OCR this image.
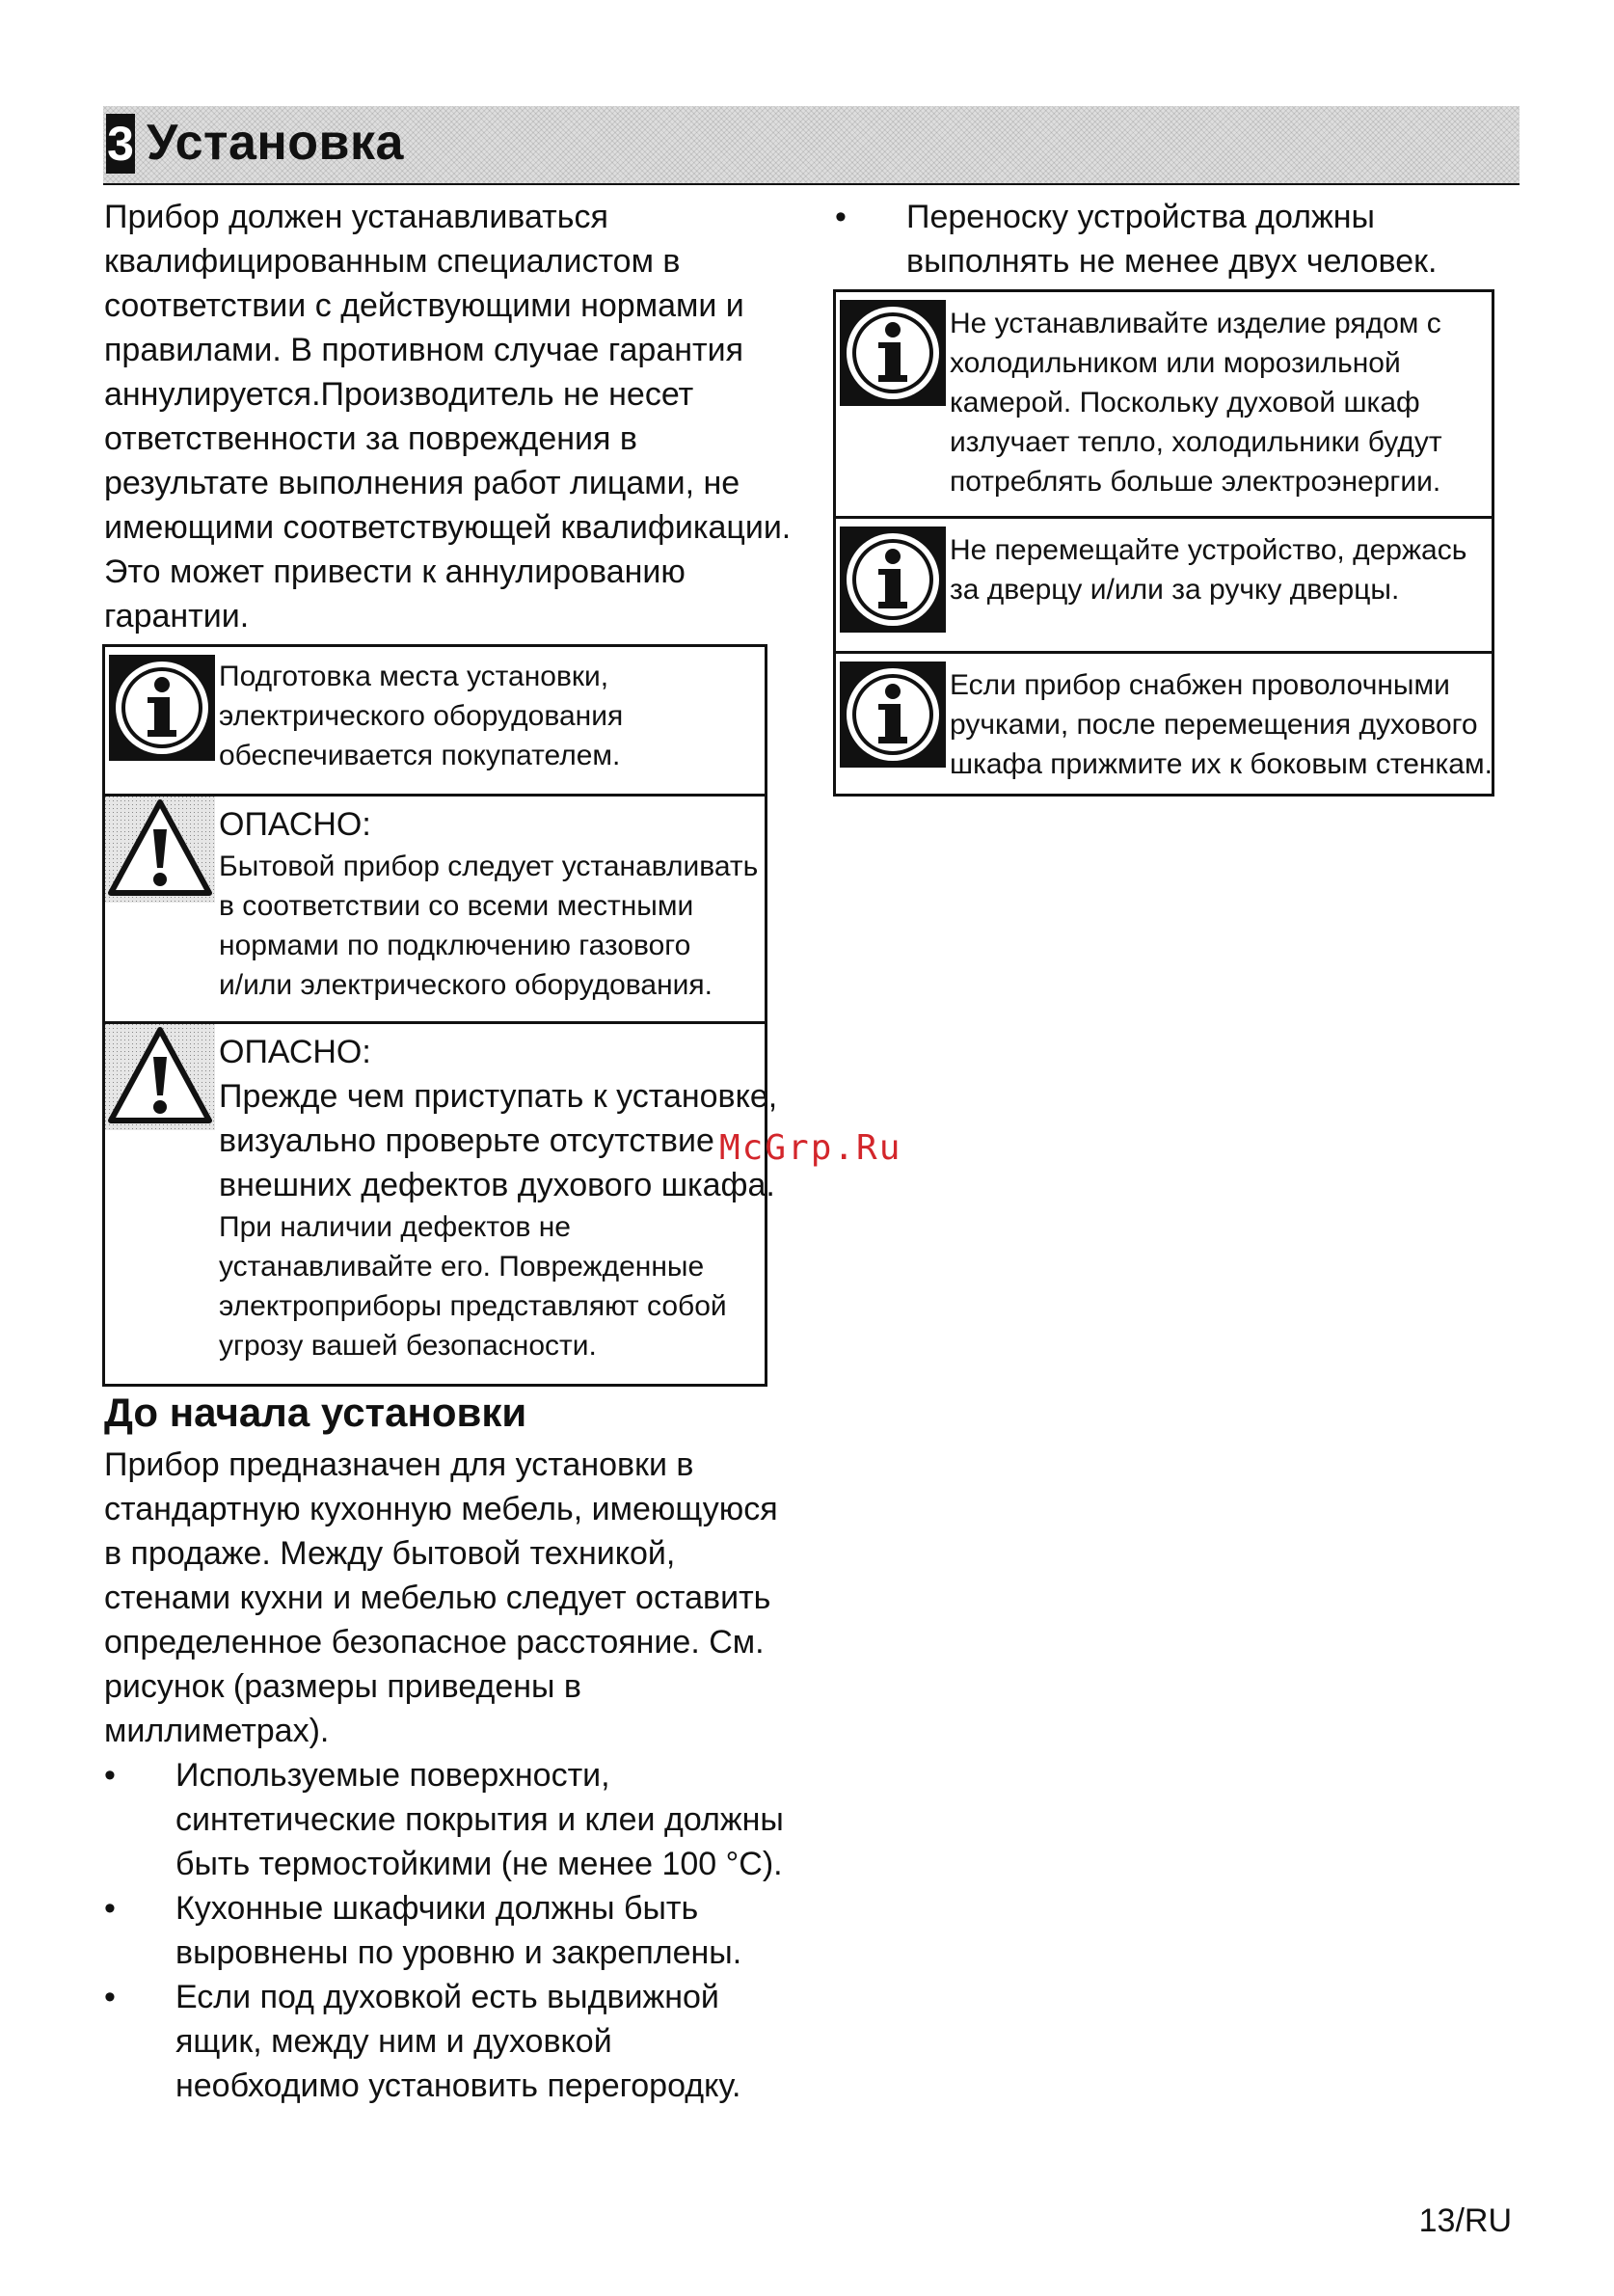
3 Установка

Прибор должен устанавливаться
квалифицированным специалистом в
соответствии с действующими нормами и
правилами. В противном случае гарантия
аннулируется.Производитель не несет
ответственности за повреждения в
результате выполнения работ лицами, не
имеющими соответствующей квалификации.
Это может привести к аннулированию
гарантии.

Подготовка места установки,
электрического оборудования
обеспечивается покупателем.
ОПАСНО:
Бытовой прибор следует устанавливать
в соответствии со всеми местными
нормами по подключению газового
и/или электрического оборудования.
ОПАСНО:
Прежде чем приступать к установке,
визуально проверьте отсутствие
внешних дефектов духового шкафа.
При наличии дефектов не
устанавливайте его. Поврежденные
электроприборы представляют собой
угрозу вашей безопасности.
McGrp.Ru
До начала установки

Прибор предназначен для установки в
стандартную кухонную мебель, имеющуюся
в продаже. Между бытовой техникой,
стенами кухни и мебелью следует оставить
определенное безопасное расстояние. См.
рисунок (размеры приведены в
миллиметрах).

• Используемые поверхности,
синтетические покрытия и клеи должны
быть термостойкими (не менее 100 °C).
• Кухонные шкафчики должны быть
выровнены по уровню и закреплены.
• Если под духовкой есть выдвижной
ящик, между ним и духовкой
необходимо установить перегородку.
• Переноску устройства должны
выполнять не менее двух человек.
Не устанавливайте изделие рядом с
холодильником или морозильной
камерой. Поскольку духовой шкаф
излучает тепло, холодильники будут
потреблять больше электроэнергии.
Не перемещайте устройство, держась
за дверцу и/или за ручку дверцы.
Если прибор снабжен проволочными
ручками, после перемещения духового
шкафа прижмите их к боковым стенкам.
13/RU
